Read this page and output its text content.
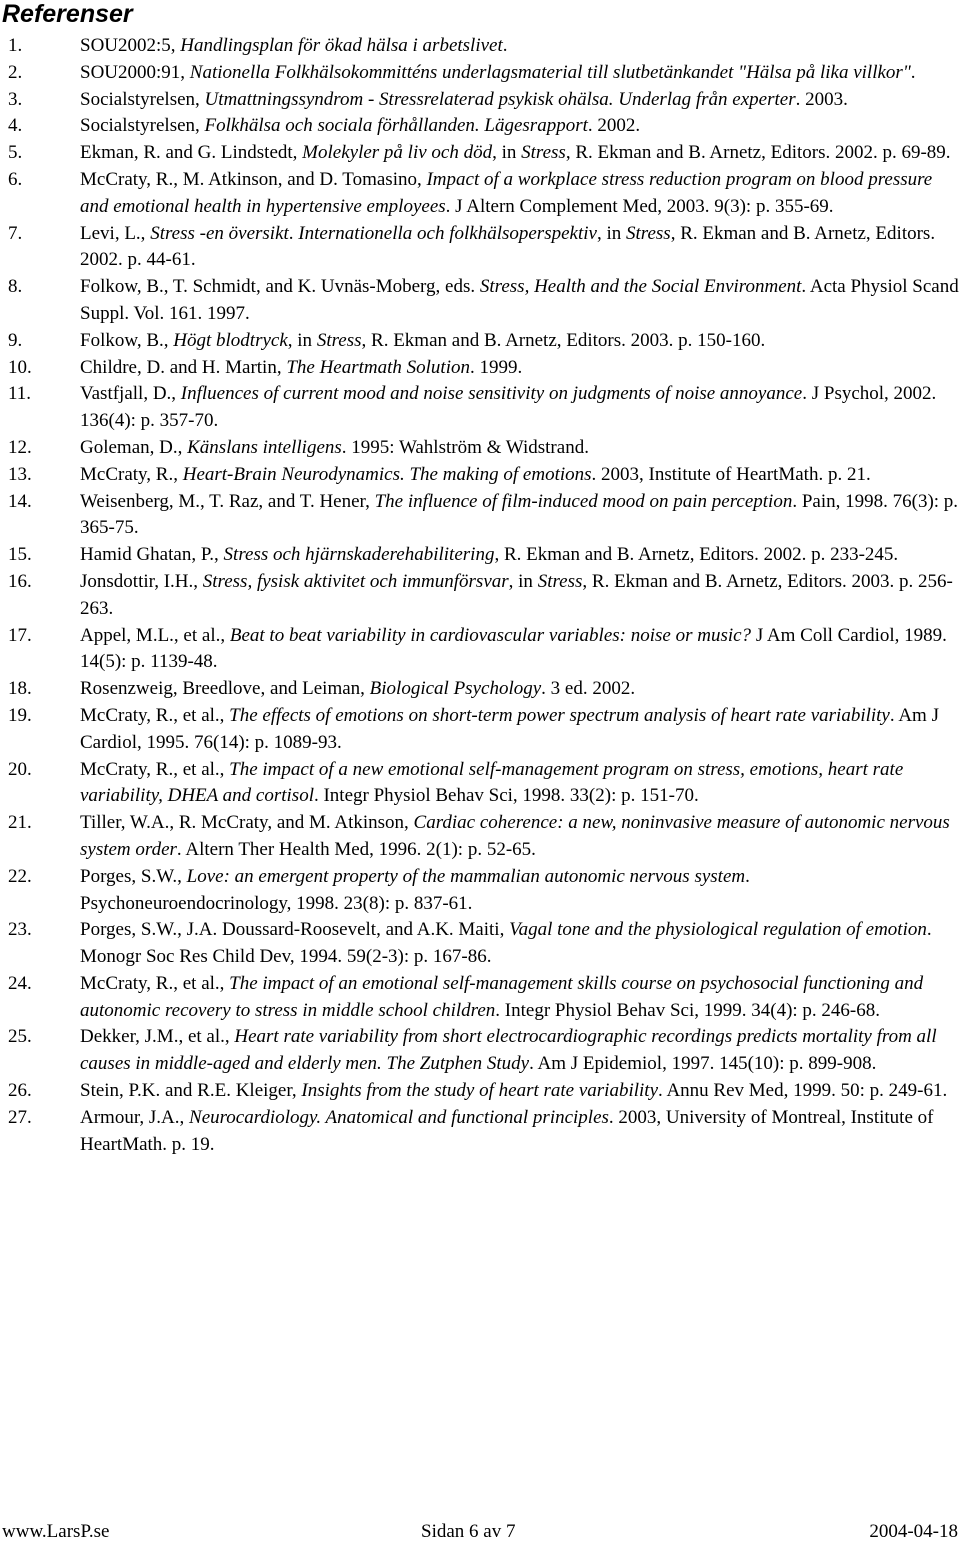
Referenser
1.	SOU2002:5, Handlingsplan för ökad hälsa i arbetslivet.
2.	SOU2000:91, Nationella Folkhälsokommitténs underlagsmaterial till slutbetänkandet "Hälsa på lika villkor".
3.	Socialstyrelsen, Utmattningssyndrom - Stressrelaterad psykisk ohälsa. Underlag från experter. 2003.
4.	Socialstyrelsen, Folkhälsa och sociala förhållanden. Lägesrapport. 2002.
5.	Ekman, R. and G. Lindstedt, Molekyler på liv och död, in Stress, R. Ekman and B. Arnetz, Editors. 2002. p. 69-89.
6.	McCraty, R., M. Atkinson, and D. Tomasino, Impact of a workplace stress reduction program on blood pressure and emotional health in hypertensive employees. J Altern Complement Med, 2003. 9(3): p. 355-69.
7.	Levi, L., Stress -en översikt. Internationella och folkhälsoperspektiv, in Stress, R. Ekman and B. Arnetz, Editors. 2002. p. 44-61.
8.	Folkow, B., T. Schmidt, and K. Uvnäs-Moberg, eds. Stress, Health and the Social Environment. Acta Physiol Scand Suppl. Vol. 161. 1997.
9.	Folkow, B., Högt blodtryck, in Stress, R. Ekman and B. Arnetz, Editors. 2003. p. 150-160.
10.	Childre, D. and H. Martin, The Heartmath Solution. 1999.
11.	Vastfjall, D., Influences of current mood and noise sensitivity on judgments of noise annoyance. J Psychol, 2002. 136(4): p. 357-70.
12.	Goleman, D., Känslans intelligens. 1995: Wahlström & Widstrand.
13.	McCraty, R., Heart-Brain Neurodynamics. The making of emotions. 2003, Institute of HeartMath. p. 21.
14.	Weisenberg, M., T. Raz, and T. Hener, The influence of film-induced mood on pain perception. Pain, 1998. 76(3): p. 365-75.
15.	Hamid Ghatan, P., Stress och hjärnskaderehabilitering, R. Ekman and B. Arnetz, Editors. 2002. p. 233-245.
16.	Jonsdottir, I.H., Stress, fysisk aktivitet och immunförsvar, in Stress, R. Ekman and B. Arnetz, Editors. 2003. p. 256-263.
17.	Appel, M.L., et al., Beat to beat variability in cardiovascular variables: noise or music? J Am Coll Cardiol, 1989. 14(5): p. 1139-48.
18.	Rosenzweig, Breedlove, and Leiman, Biological Psychology. 3 ed. 2002.
19.	McCraty, R., et al., The effects of emotions on short-term power spectrum analysis of heart rate variability. Am J Cardiol, 1995. 76(14): p. 1089-93.
20.	McCraty, R., et al., The impact of a new emotional self-management program on stress, emotions, heart rate variability, DHEA and cortisol. Integr Physiol Behav Sci, 1998. 33(2): p. 151-70.
21.	Tiller, W.A., R. McCraty, and M. Atkinson, Cardiac coherence: a new, noninvasive measure of autonomic nervous system order. Altern Ther Health Med, 1996. 2(1): p. 52-65.
22.	Porges, S.W., Love: an emergent property of the mammalian autonomic nervous system. Psychoneuroendocrinology, 1998. 23(8): p. 837-61.
23.	Porges, S.W., J.A. Doussard-Roosevelt, and A.K. Maiti, Vagal tone and the physiological regulation of emotion. Monogr Soc Res Child Dev, 1994. 59(2-3): p. 167-86.
24.	McCraty, R., et al., The impact of an emotional self-management skills course on psychosocial functioning and autonomic recovery to stress in middle school children. Integr Physiol Behav Sci, 1999. 34(4): p. 246-68.
25.	Dekker, J.M., et al., Heart rate variability from short electrocardiographic recordings predicts mortality from all causes in middle-aged and elderly men. The Zutphen Study. Am J Epidemiol, 1997. 145(10): p. 899-908.
26.	Stein, P.K. and R.E. Kleiger, Insights from the study of heart rate variability. Annu Rev Med, 1999. 50: p. 249-61.
27.	Armour, J.A., Neurocardiology. Anatomical and functional principles. 2003, University of Montreal, Institute of HeartMath. p. 19.
www.LarsP.se	Sidan 6 av 7	2004-04-18
